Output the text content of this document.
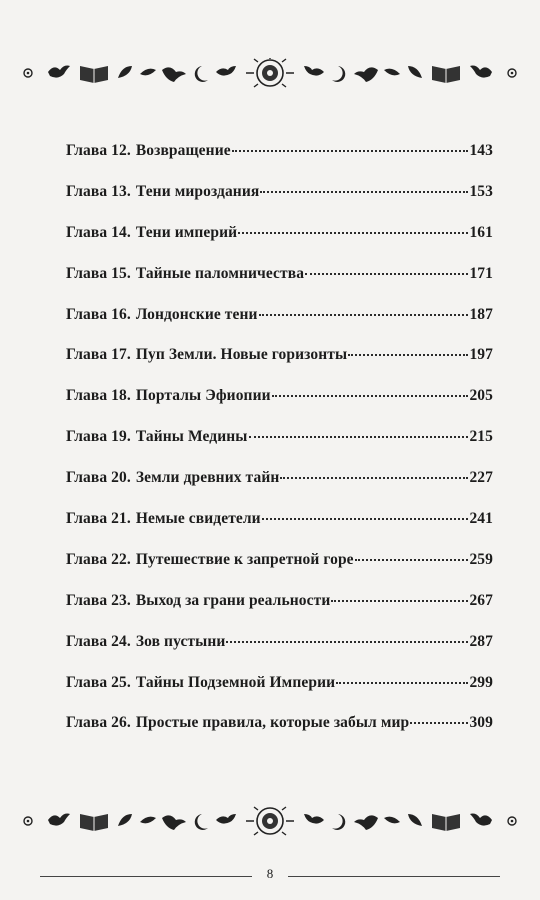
Глава 12. Возвращение	143
Глава 13. Тени мироздания	153
Глава 14. Тени империй	161
Глава 15. Тайные паломничества	171
Глава 16. Лондонские тени	187
Глава 17. Пуп Земли. Новые горизонты	197
Глава 18. Порталы Эфиопии	205
Глава 19. Тайны Медины	215
Глава 20. Земли древних тайн	227
Глава 21. Немые свидетели	241
Глава 22. Путешествие к запретной горе	259
Глава 23. Выход за грани реальности	267
Глава 24. Зов пустыни	287
Глава 25. Тайны Подземной Империи	299
Глава 26. Простые правила, которые забыл мир	309
8
